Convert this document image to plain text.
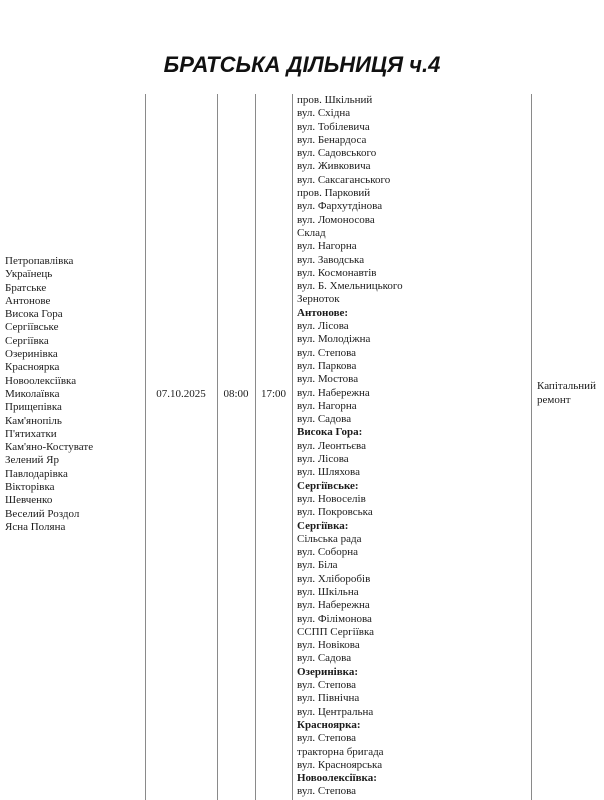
БРАТСЬКА ДІЛЬНИЦЯ ч.4
Петропавлівка
Українець
Братське
Антонове
Висока Гора
Сергіївське
Сергіївка
Озеринівка
Красноярка
Новоолексіївка
Миколаївка
Прищепівка
Кам'янопіль
П'ятихатки
Кам'яно-Костувате
Зелений Яр
Павлодарівка
Вікторівка
Шевченко
Веселий Роздол
Ясна Поляна
07.10.2025	08:00	17:00
пров. Шкільний
вул. Східна
вул. Тобілевича
вул. Бенардоса
вул. Садовського
вул. Живковича
вул. Саксаганського
пров. Парковий
вул. Фархутдінова
вул. Ломоносова
Склад
вул. Нагорна
вул. Заводська
вул. Космонавтів
вул. Б. Хмельницького
Зерноток
Антонове:
вул. Лісова
вул. Молодіжна
вул. Степова
вул. Паркова
вул. Мостова
вул. Набережна
вул. Нагорна
вул. Садова
Висока Гора:
вул. Леонтьєва
вул. Лісова
вул. Шляхова
Сергіївське:
вул. Новоселів
вул. Покровська
Сергіївка:
Сільська рада
вул. Соборна
вул. Біла
вул. Хліборобів
вул. Шкільна
вул. Набережна
вул. Філімонова
ССПП Сергіївка
вул. Новікова
вул. Садова
Озеринівка:
вул. Степова
вул. Північна
вул. Центральна
Красноярка:
вул. Степова
тракторна бригада
вул. Красноярська
Новоолексіївка:
вул. Степова
Капітальний ремонт
